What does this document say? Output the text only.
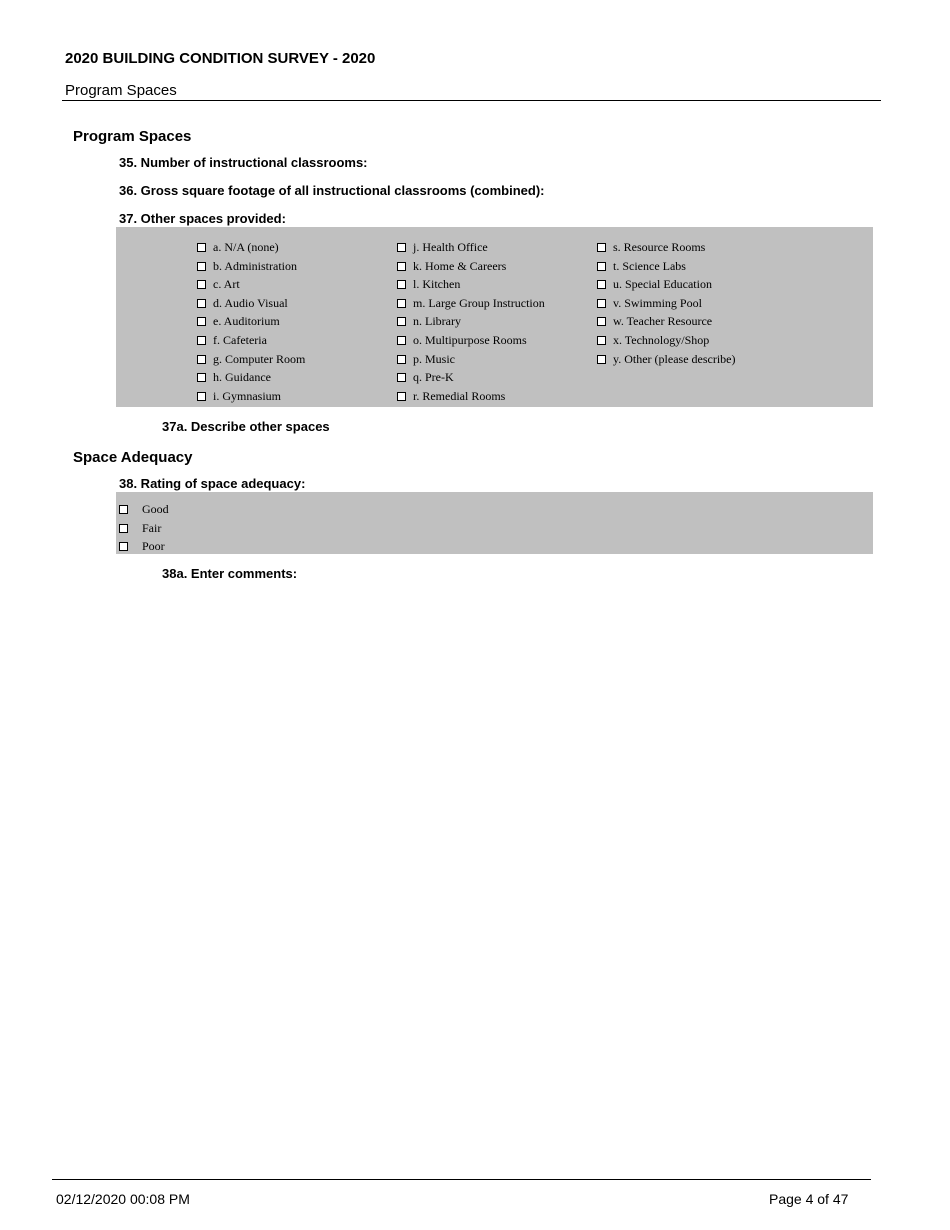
2020 BUILDING CONDITION SURVEY - 2020
Program Spaces
Program Spaces
35. Number of instructional classrooms:
36. Gross square footage of all instructional classrooms (combined):
37. Other spaces provided:
a. N/A (none)
b. Administration
c. Art
d. Audio Visual
e. Auditorium
f. Cafeteria
g. Computer Room
h. Guidance
i. Gymnasium
j. Health Office
k. Home & Careers
l. Kitchen
m. Large Group Instruction
n. Library
o. Multipurpose Rooms
p. Music
q. Pre-K
r. Remedial Rooms
s. Resource Rooms
t. Science Labs
u. Special Education
v. Swimming Pool
w. Teacher Resource
x. Technology/Shop
y. Other (please describe)
37a. Describe other spaces
Space Adequacy
38. Rating of space adequacy:
Good
Fair
Poor
38a. Enter comments:
02/12/2020 00:08 PM	Page 4 of 47
